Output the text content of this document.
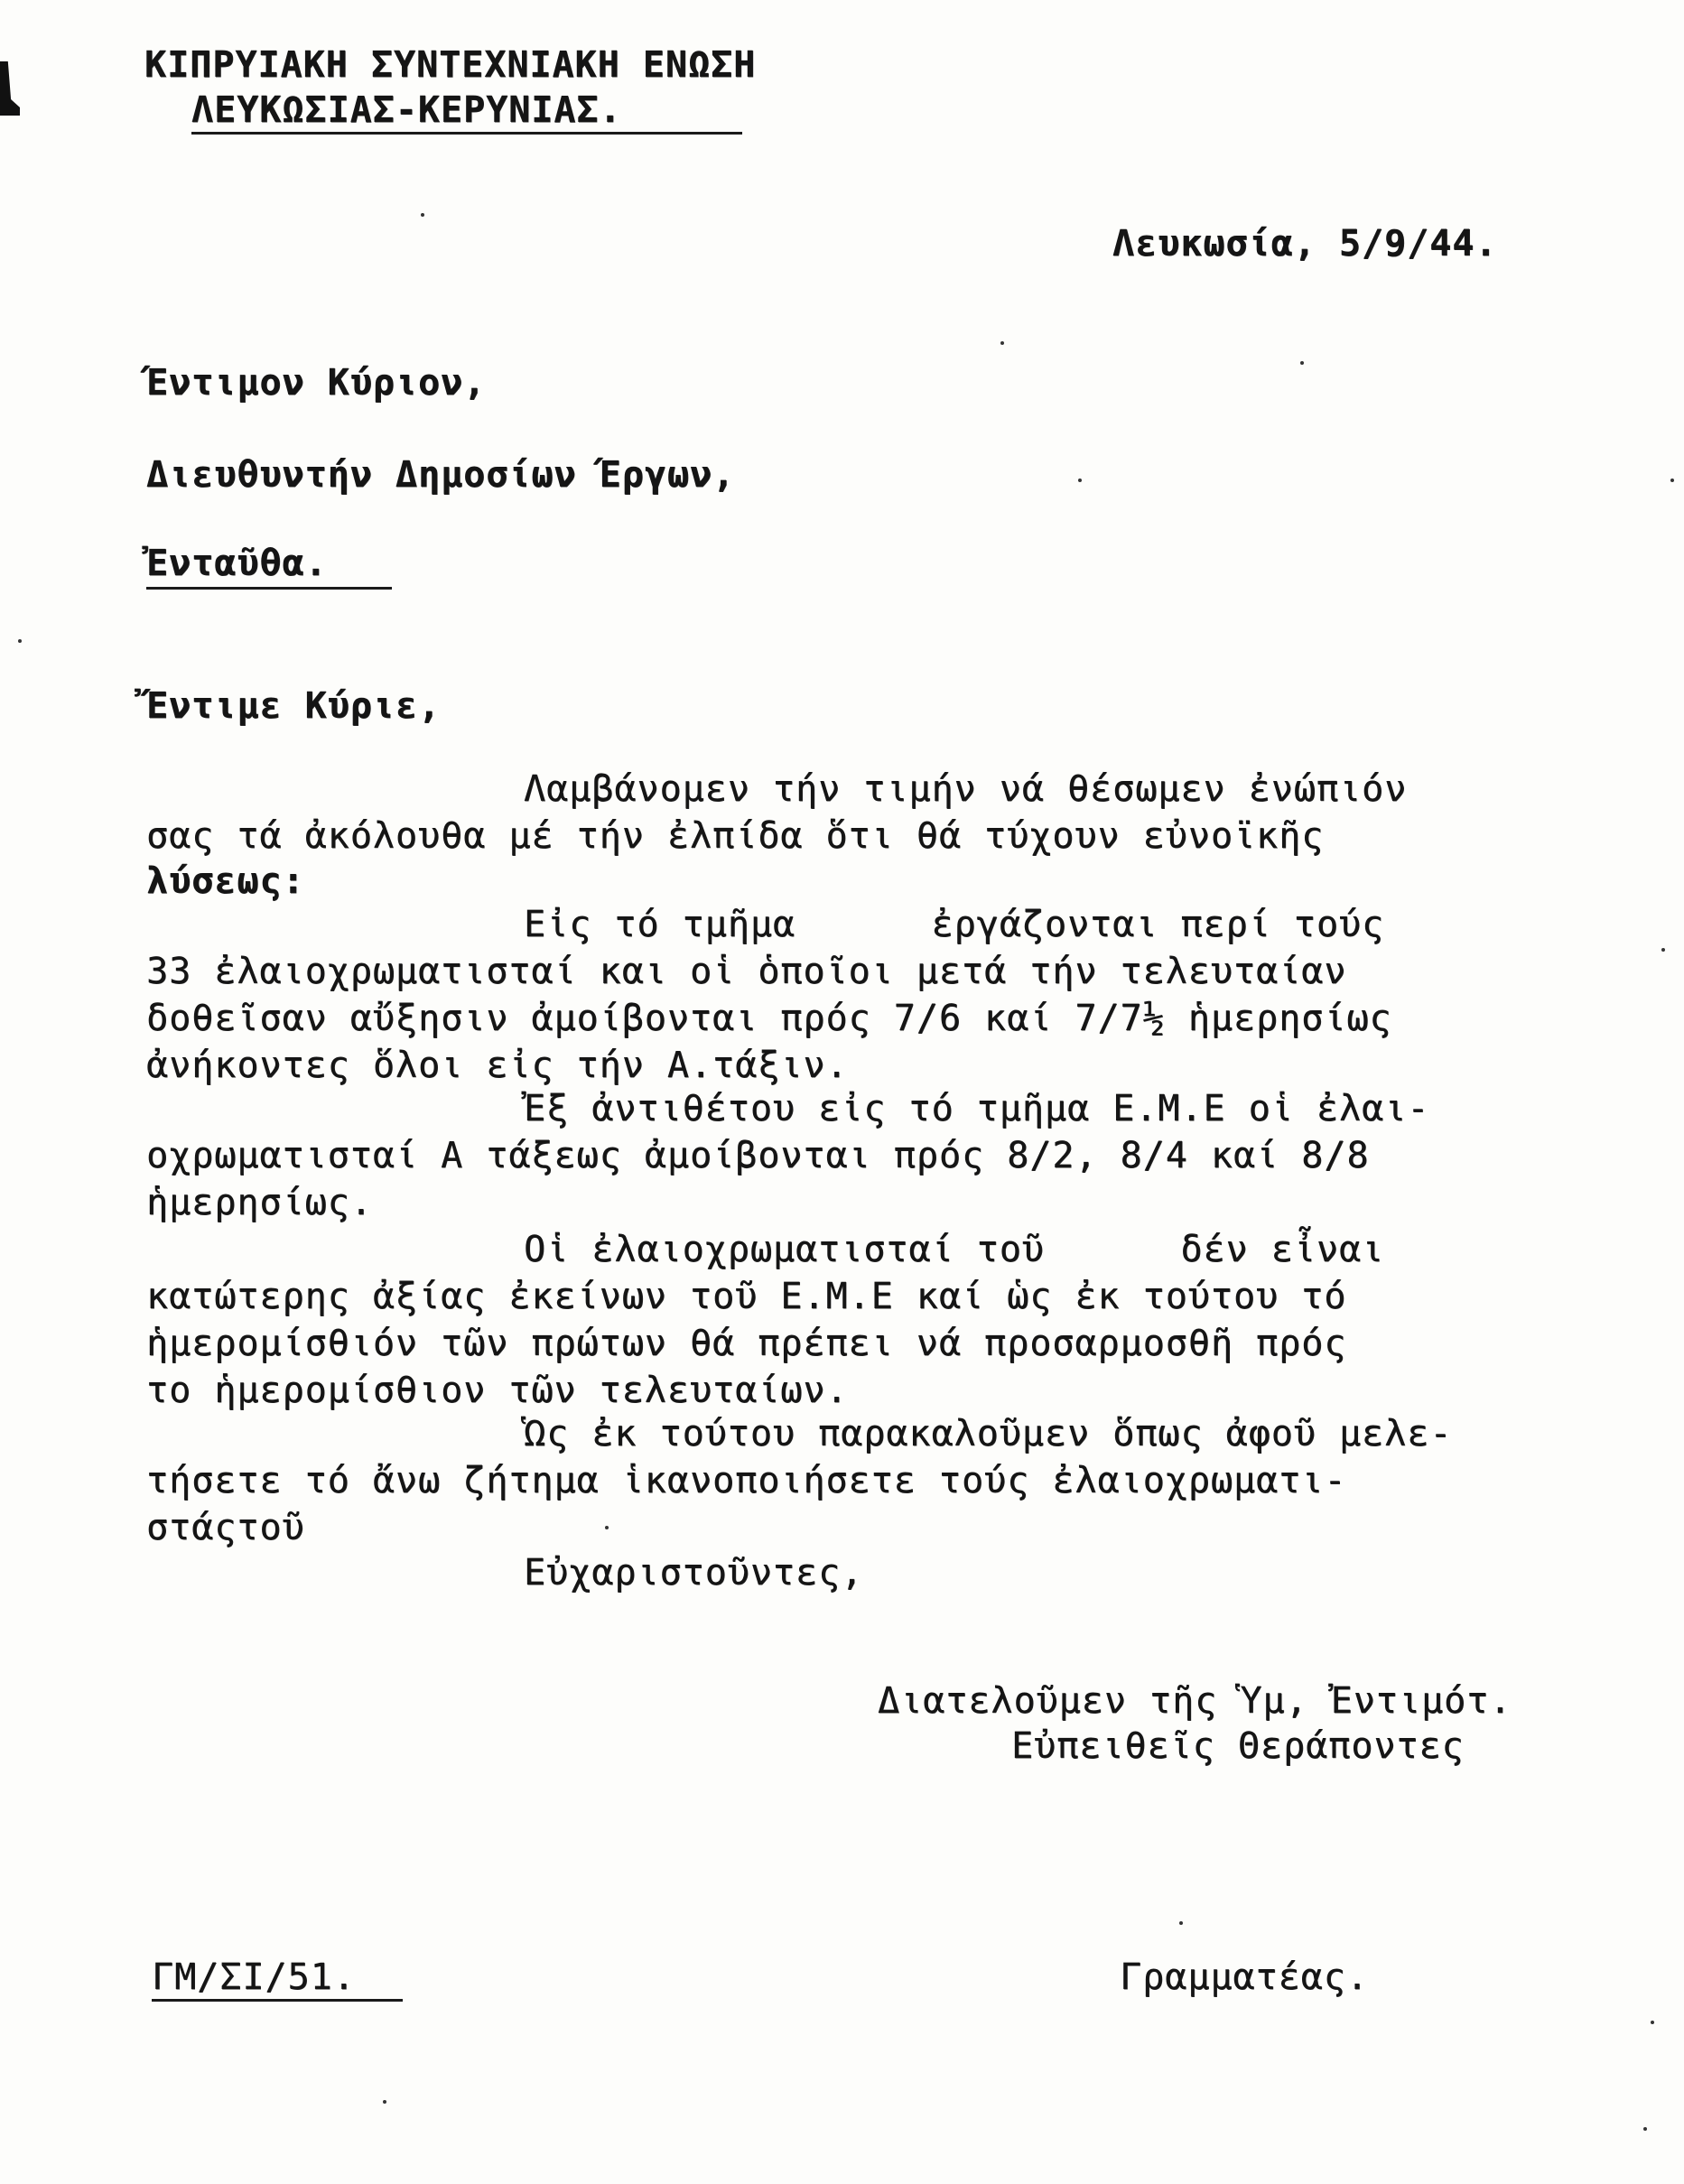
ΚΙΠΡΥΙΑΚΗ ΣΥΝΤΕΧΝΙΑΚΗ ΕΝΩΣΗ
ΛΕΥΚΩΣΙΑΣ-ΚΕΡΥΝΙΑΣ.
Λευκωσία, 5/9/44.
Έντιμον Κύριον,
Διευθυντήν Δημοσίων Έργων,
Ἐνταῦθα.
Ἔντιμε Κύριε,
Λαμβάνομεν τήν τιμήν νά θέσωμεν ἐνώπιόν
σας τά ἀκόλουθα μέ τήν ἐλπίδα ὅτι θά τύχουν εὐνοϊκῆς
λύσεως:
Εἰς τό τμῆμα      ἐργάζονται περί τούς
33 ἐλαιοχρωματισταί και οἱ ὁποῖοι μετά τήν τελευταίαν
δοθεῖσαν αὔξησιν ἀμοίβονται πρός 7/6 καί 7/7½ ἡμερησίως
ἀνήκοντες ὅλοι εἰς τήν Α.τάξιν.
Ἐξ ἀντιθέτου εἰς τό τμῆμα Ε.Μ.Ε οἱ ἐλαι-
οχρωματισταί Α τάξεως ἀμοίβονται πρός 8/2, 8/4 καί 8/8
ἡμερησίως.
Οἱ ἐλαιοχρωματισταί τοῦ      δέν εἶναι
κατώτερης ἀξίας ἐκείνων τοῦ Ε.Μ.Ε καί ὡς ἐκ τούτου τό
ἡμερομίσθιόν τῶν πρώτων θά πρέπει νά προσαρμοσθῆ πρός
το ἡμερομίσθιον τῶν τελευταίων.
Ὡς ἐκ τούτου παρακαλοῦμεν ὅπως ἀφοῦ μελε-
τήσετε τό ἄνω ζήτημα ἱκανοποιήσετε τούς ἐλαιοχρωματι-
στάςτοῦ
Εὐχαριστοῦντες,
Διατελοῦμεν τῆς Ὑμ, Ἐντιμότ.
Εὐπειθεῖς Θεράποντες
ΓΜ/ΣΙ/51.	Γραμματέας.
